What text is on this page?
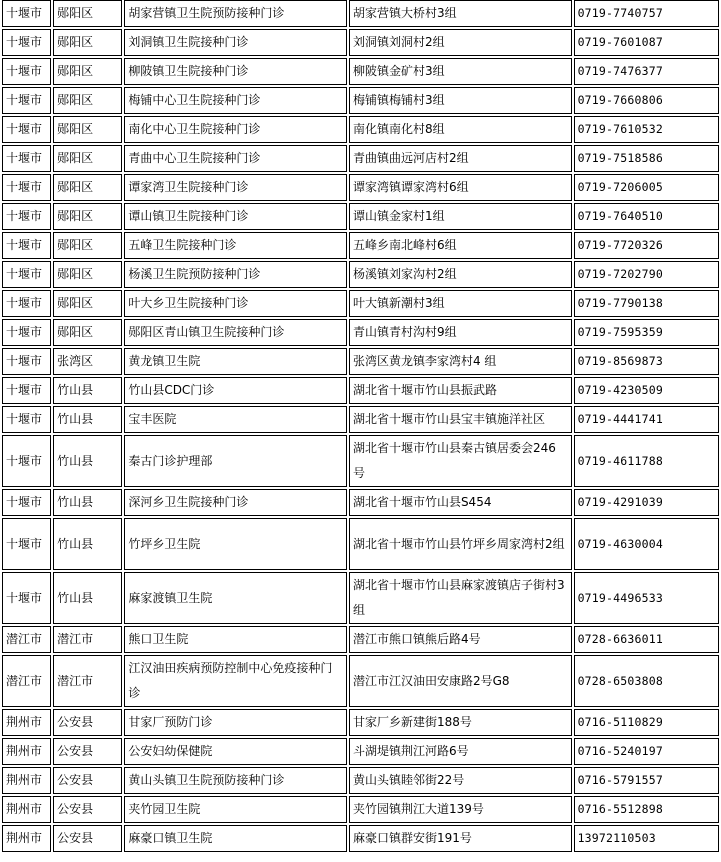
十堰市	郧阳区	胡家营镇卫生院预防接种门诊	胡家营镇大桥村3组	0719-7740757
十堰市	郧阳区	刘洞镇卫生院接种门诊	刘洞镇刘洞村2组	0719-7601087
十堰市	郧阳区	柳陂镇卫生院接种门诊	柳陂镇金矿村3组	0719-7476377
十堰市	郧阳区	梅铺中心卫生院接种门诊	梅铺镇梅铺村3组	0719-7660806
十堰市	郧阳区	南化中心卫生院接种门诊	南化镇南化村8组	0719-7610532
十堰市	郧阳区	青曲中心卫生院接种门诊	青曲镇曲远河店村2组	0719-7518586
十堰市	郧阳区	谭家湾卫生院接种门诊	谭家湾镇谭家湾村6组	0719-7206005
十堰市	郧阳区	谭山镇卫生院接种门诊	谭山镇金家村1组	0719-7640510
十堰市	郧阳区	五峰卫生院接种门诊	五峰乡南北峰村6组	0719-7720326
十堰市	郧阳区	杨溪卫生院预防接种门诊	杨溪镇刘家沟村2组	0719-7202790
十堰市	郧阳区	叶大乡卫生院接种门诊	叶大镇新潮村3组	0719-7790138
十堰市	郧阳区	郧阳区青山镇卫生院接种门诊	青山镇青村沟村9组	0719-7595359
十堰市	张湾区	黄龙镇卫生院	张湾区黄龙镇李家湾村4 组	0719-8569873
十堰市	竹山县	竹山县CDC门诊	湖北省十堰市竹山县振武路	0719-4230509
十堰市	竹山县	宝丰医院	湖北省十堰市竹山县宝丰镇施洋社区	0719-4441741
十堰市	竹山县	秦古门诊护理部	湖北省十堰市竹山县秦古镇居委会246号	0719-4611788
十堰市	竹山县	深河乡卫生院接种门诊	湖北省十堰市竹山县S454	0719-4291039
十堰市	竹山县	竹坪乡卫生院	湖北省十堰市竹山县竹坪乡周家湾村2组	0719-4630004
十堰市	竹山县	麻家渡镇卫生院	湖北省十堰市竹山县麻家渡镇店子街村3组	0719-4496533
潜江市	潜江市	熊口卫生院	潜江市熊口镇熊后路4号	0728-6636011
潜江市	潜江市	江汉油田疾病预防控制中心免疫接种门诊	潜江市江汉油田安康路2号G8	0728-6503808
荆州市	公安县	甘家厂预防门诊	甘家厂乡新建街188号	0716-5110829
荆州市	公安县	公安妇幼保健院	斗湖堤镇荆江河路6号	0716-5240197
荆州市	公安县	黄山头镇卫生院预防接种门诊	黄山头镇睦邻街22号	0716-5791557
荆州市	公安县	夹竹园卫生院	夹竹园镇荆江大道139号	0716-5512898
荆州市	公安县	麻豪口镇卫生院	麻豪口镇群安街191号	13972110503
